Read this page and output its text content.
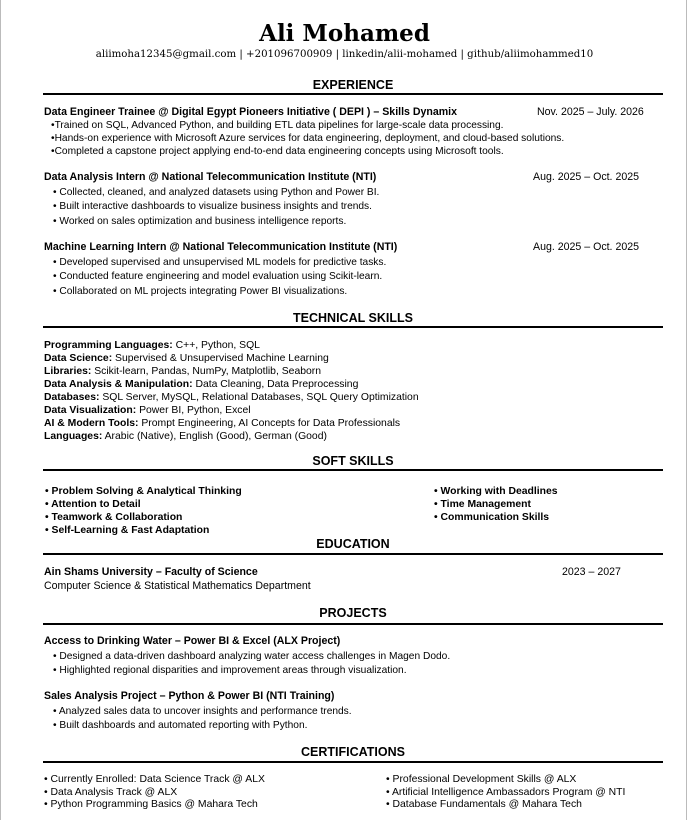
Ali Mohamed
aliimoha12345@gmail.com | +201096700909 | linkedin/alii-mohamed | github/aliimohammed10
EXPERIENCE
Data Engineer Trainee @ Digital Egypt Pioneers Initiative ( DEPI ) – Skills Dynamix	Nov. 2025 – July. 2026
•Trained on SQL, Advanced Python, and building ETL data pipelines for large-scale data processing.
•Hands-on experience with Microsoft Azure services for data engineering, deployment, and cloud-based solutions.
•Completed a capstone project applying end-to-end data engineering concepts using Microsoft tools.
Data Analysis Intern @ National Telecommunication Institute (NTI)	Aug. 2025 – Oct. 2025
• Collected, cleaned, and analyzed datasets using Python and Power BI.
• Built interactive dashboards to visualize business insights and trends.
• Worked on sales optimization and business intelligence reports.
Machine Learning Intern @ National Telecommunication Institute (NTI)	Aug. 2025 – Oct. 2025
• Developed supervised and unsupervised ML models for predictive tasks.
• Conducted feature engineering and model evaluation using Scikit-learn.
• Collaborated on ML projects integrating Power BI visualizations.
TECHNICAL SKILLS
Programming Languages: C++, Python, SQL
Data Science: Supervised & Unsupervised Machine Learning
Libraries: Scikit-learn, Pandas, NumPy, Matplotlib, Seaborn
Data Analysis & Manipulation: Data Cleaning, Data Preprocessing
Databases: SQL Server, MySQL, Relational Databases, SQL Query Optimization
Data Visualization: Power BI, Python, Excel
AI & Modern Tools: Prompt Engineering, AI Concepts for Data Professionals
Languages: Arabic (Native), English (Good), German (Good)
SOFT SKILLS
• Problem Solving & Analytical Thinking
• Attention to Detail
• Teamwork & Collaboration
• Self-Learning & Fast Adaptation
• Working with Deadlines
• Time Management
• Communication Skills
EDUCATION
Ain Shams University – Faculty of Science	2023 – 2027
Computer Science & Statistical Mathematics Department
PROJECTS
Access to Drinking Water – Power BI & Excel (ALX Project)
• Designed a data-driven dashboard analyzing water access challenges in Magen Dodo.
• Highlighted regional disparities and improvement areas through visualization.
Sales Analysis Project – Python & Power BI (NTI Training)
• Analyzed sales data to uncover insights and performance trends.
• Built dashboards and automated reporting with Python.
CERTIFICATIONS
• Currently Enrolled: Data Science Track @ ALX
• Data Analysis Track @ ALX
• Python Programming Basics @ Mahara Tech
• Professional Development Skills @ ALX
• Artificial Intelligence Ambassadors Program @ NTI
• Database Fundamentals @ Mahara Tech
